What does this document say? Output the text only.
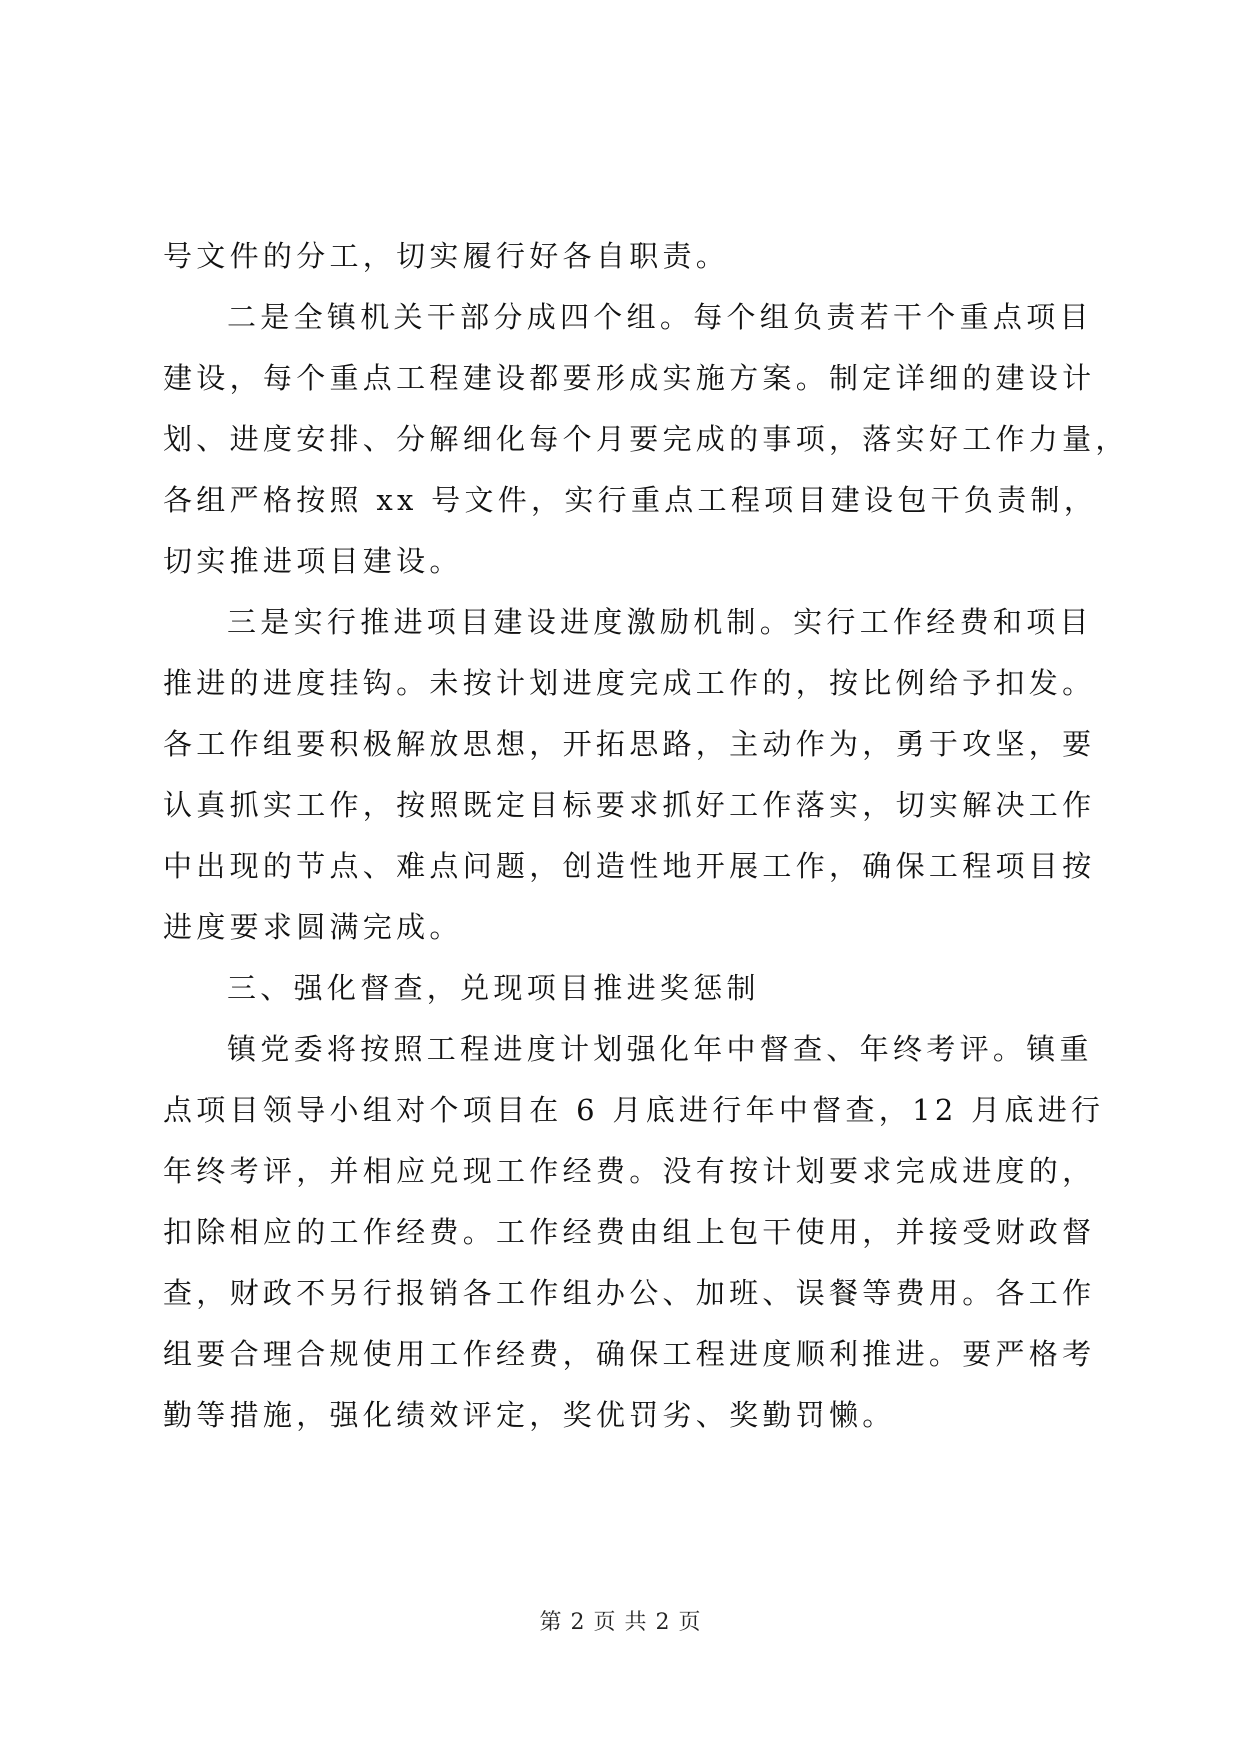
号文件的分工，切实履行好各自职责。
二是全镇机关干部分成四个组。每个组负责若干个重点项目
建设，每个重点工程建设都要形成实施方案。制定详细的建设计
划、进度安排、分解细化每个月要完成的事项，落实好工作力量，
各组严格按照 xx 号文件，实行重点工程项目建设包干负责制，
切实推进项目建设。
三是实行推进项目建设进度激励机制。实行工作经费和项目
推进的进度挂钩。未按计划进度完成工作的，按比例给予扣发。
各工作组要积极解放思想，开拓思路，主动作为，勇于攻坚，要
认真抓实工作，按照既定目标要求抓好工作落实，切实解决工作
中出现的节点、难点问题，创造性地开展工作，确保工程项目按
进度要求圆满完成。
三、强化督查，兑现项目推进奖惩制
镇党委将按照工程进度计划强化年中督查、年终考评。镇重
点项目领导小组对个项目在 6 月底进行年中督查，12 月底进行
年终考评，并相应兑现工作经费。没有按计划要求完成进度的，
扣除相应的工作经费。工作经费由组上包干使用，并接受财政督
查，财政不另行报销各工作组办公、加班、误餐等费用。各工作
组要合理合规使用工作经费，确保工程进度顺利推进。要严格考
勤等措施，强化绩效评定，奖优罚劣、奖勤罚懒。
第 2 页 共 2 页
